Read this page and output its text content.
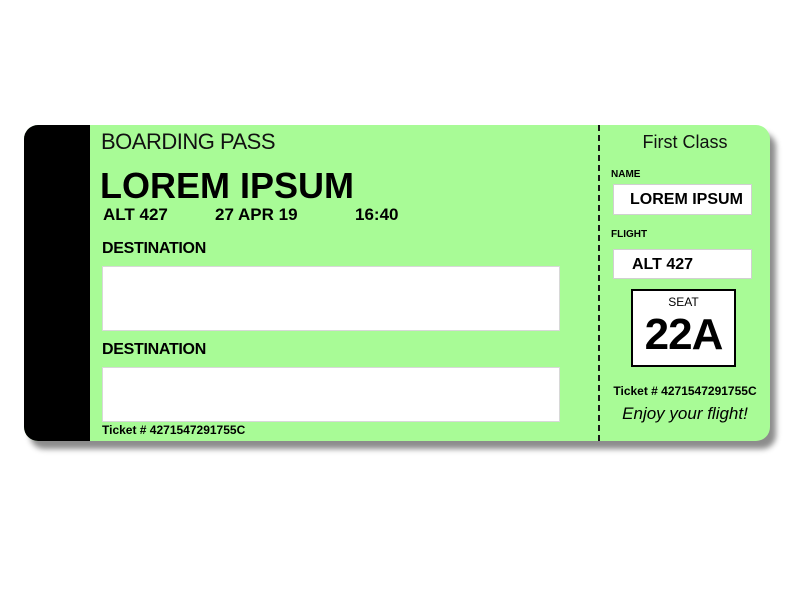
BOARDING PASS
LOREM IPSUM
ALT 427	27 APR 19	16:40
DESTINATION
DESTINATION
Ticket # 4271547291755C
First Class
NAME
LOREM IPSUM
FLIGHT
ALT 427
SEAT
22A
Ticket # 4271547291755C
Enjoy your flight!
